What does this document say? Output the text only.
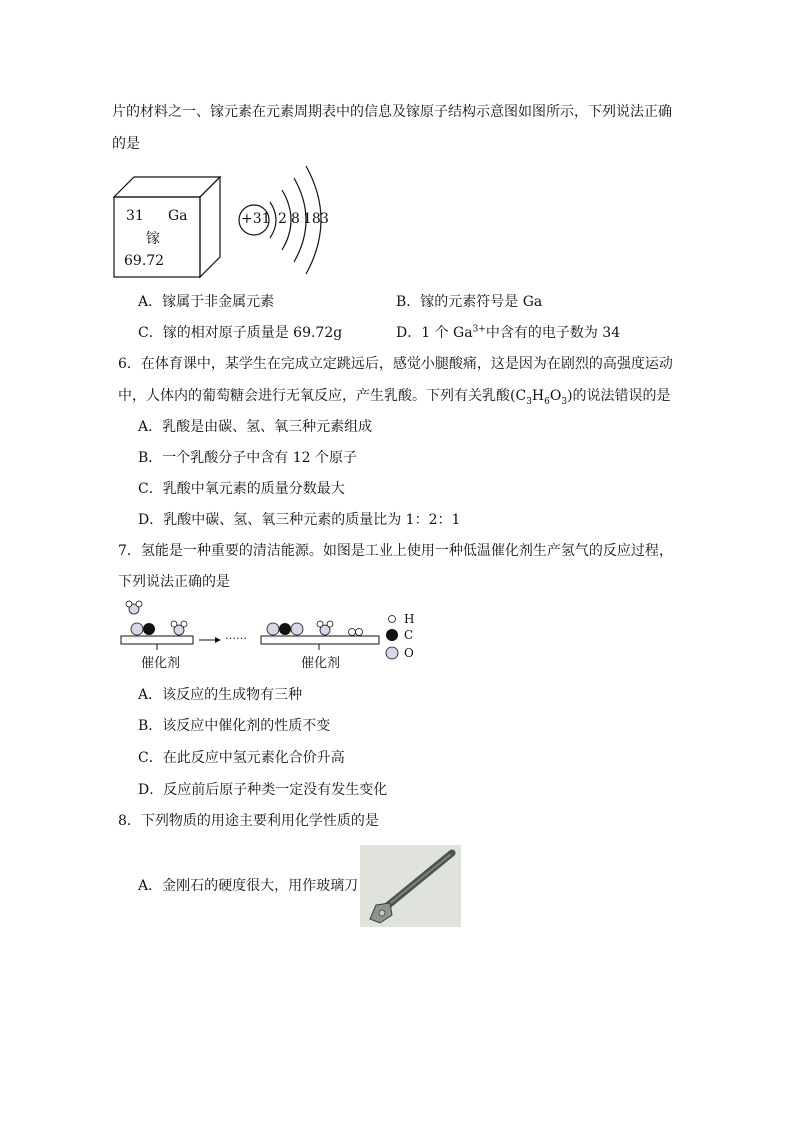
片的材料之一、镓元素在元素周期表中的信息及镓原子结构示意图如图所示，下列说法正确
的是
31 Ga
镓
69.72
+31 2 8 18 3
A．镓属于非金属元素	B．镓的元素符号是 Ga
C．镓的相对原子质量是 69.72g	D．1 个 $Ga^{3+}$中含有的电子数为 34
6．在体育课中，某学生在完成立定跳远后，感觉小腿酸痛，这是因为在剧烈的高强度运动
中，人体内的葡萄糖会进行无氧反应，产生乳酸。下列有关乳酸$(C_3H_6O_3)$的说法错误的是
A．乳酸是由碳、氢、氧三种元素组成
B．一个乳酸分子中含有 12 个原子
C．乳酸中氧元素的质量分数最大
D．乳酸中碳、氢、氧三种元素的质量比为 1：2：1
7．氢能是一种重要的清洁能源。如图是工业上使用一种低温催化剂生产氢气的反应过程，
下列说法正确的是
……
催化剂	催化剂
H
C
O
A．该反应的生成物有三种
B．该反应中催化剂的性质不变
C．在此反应中氢元素化合价升高
D．反应前后原子种类一定没有发生变化
8．下列物质的用途主要利用化学性质的是
A．金刚石的硬度很大，用作玻璃刀
